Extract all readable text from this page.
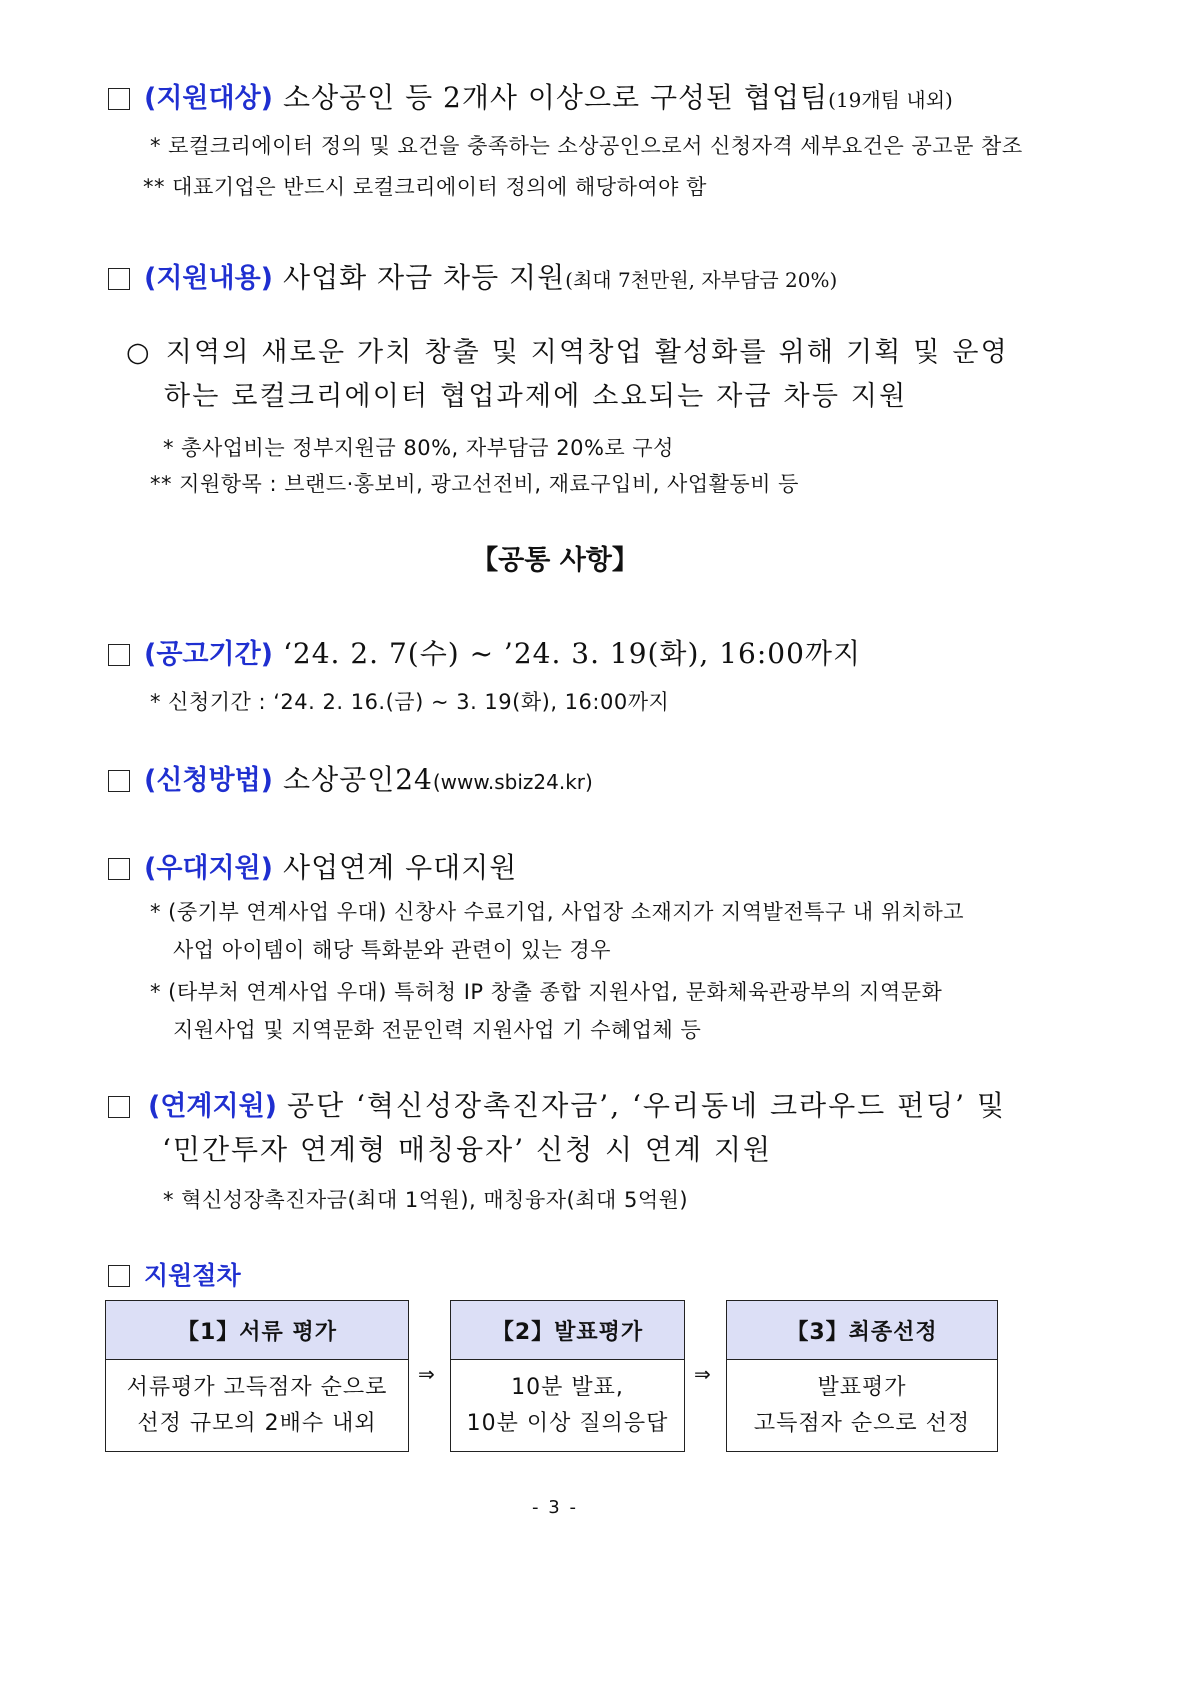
(지원대상) 소상공인 등 2개사 이상으로 구성된 협업팀(19개팀 내외)
* 로컬크리에이터 정의 및 요건을 충족하는 소상공인으로서 신청자격 세부요건은 공고문 참조
** 대표기업은 반드시 로컬크리에이터 정의에 해당하여야 함
(지원내용) 사업화 자금 차등 지원(최대 7천만원, 자부담금 20%)
○ 지역의 새로운 가치 창출 및 지역창업 활성화를 위해 기획 및 운영
하는 로컬크리에이터 협업과제에 소요되는 자금 차등 지원
* 총사업비는 정부지원금 80%, 자부담금 20%로 구성
** 지원항목 : 브랜드·홍보비, 광고선전비, 재료구입비, 사업활동비 등
【공통 사항】
(공고기간) ‘24. 2. 7(수) ~ ’24. 3. 19(화), 16:00까지
* 신청기간 : ‘24. 2. 16.(금) ~ 3. 19(화), 16:00까지
(신청방법) 소상공인24(www.sbiz24.kr)
(우대지원) 사업연계 우대지원
* (중기부 연계사업 우대) 신창사 수료기업, 사업장 소재지가 지역발전특구 내 위치하고
사업 아이템이 해당 특화분와 관련이 있는 경우
* (타부처 연계사업 우대) 특허청 IP 창출 종합 지원사업, 문화체육관광부의 지역문화
지원사업 및 지역문화 전문인력 지원사업 기 수혜업체 등
(연계지원) 공단 ‘혁신성장촉진자금’, ‘우리동네 크라우드 펀딩’ 및
‘민간투자 연계형 매칭융자’ 신청 시 연계 지원
* 혁신성장촉진자금(최대 1억원), 매칭융자(최대 5억원)
지원절차
【1】서류 평가
서류평가 고득점자 순으로
선정 규모의 2배수 내외
⇒
【2】발표평가
10분 발표,
10분 이상 질의응답
⇒
【3】최종선정
발표평가
고득점자 순으로 선정
- 3 -
